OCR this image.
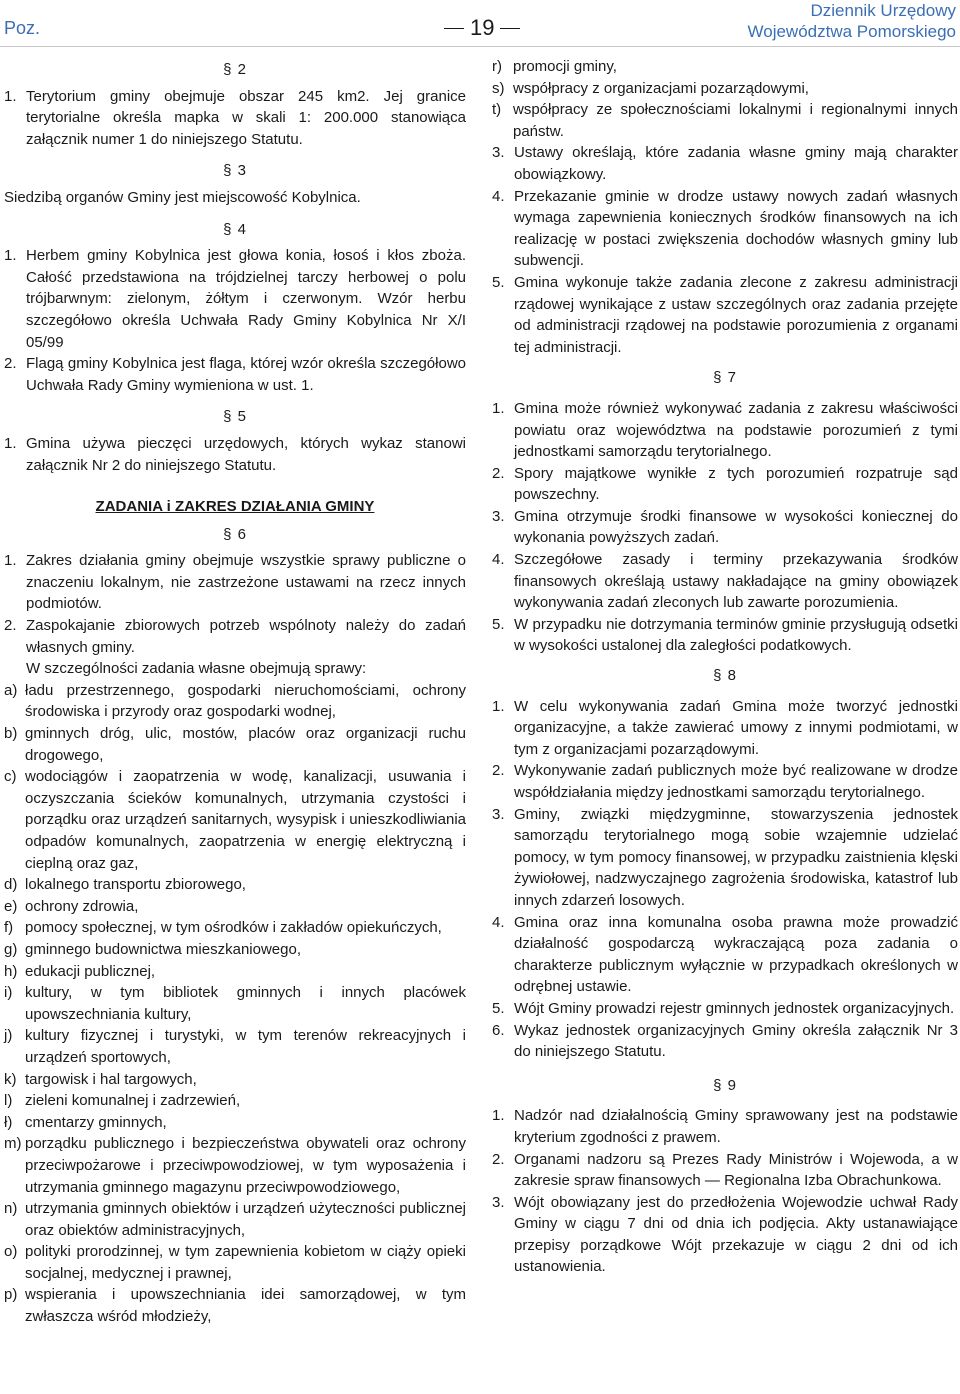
Poz.	19
Dziennik Urzędowy
Województwa Pomorskiego
§ 2
1. Terytorium gminy obejmuje obszar 245 km2. Jej granice terytorialne określa mapka w skali 1: 200.000 stanowiąca załącznik numer 1 do niniejszego Statutu.
§ 3
Siedzibą organów Gminy jest miejscowość Kobylnica.
§ 4
1. Herbem gminy Kobylnica jest głowa konia, łosoś i kłos zboża. Całość przedstawiona na trójdzielnej tarczy herbowej o polu trójbarwnym: zielonym, żółtym i czerwonym. Wzór herbu szczegółowo określa Uchwała Rady Gminy Kobylnica Nr X/I 05/99
2. Flagą gminy Kobylnica jest flaga, której wzór określa szczegółowo Uchwała Rady Gminy wymieniona w ust. 1.
§ 5
1. Gmina używa pieczęci urzędowych, których wykaz stanowi załącznik Nr 2 do niniejszego Statutu.
ZADANIA i ZAKRES DZIAŁANIA GMINY
§ 6
1. Zakres działania gminy obejmuje wszystkie sprawy publiczne o znaczeniu lokalnym, nie zastrzeżone ustawami na rzecz innych podmiotów.
2. Zaspokajanie zbiorowych potrzeb wspólnoty należy do zadań własnych gminy.
W szczególności zadania własne obejmują sprawy:
a) ładu przestrzennego, gospodarki nieruchomościami, ochrony środowiska i przyrody oraz gospodarki wodnej,
b) gminnych dróg, ulic, mostów, placów oraz organizacji ruchu drogowego,
c) wodociągów i zaopatrzenia w wodę, kanalizacji, usuwania i oczyszczania ścieków komunalnych, utrzymania czystości i porządku oraz urządzeń sanitarnych, wysypisk i unieszkodliwiania odpadów komunalnych, zaopatrzenia w energię elektryczną i cieplną oraz gaz,
d) lokalnego transportu zbiorowego,
e) ochrony zdrowia,
f) pomocy społecznej, w tym ośrodków i zakładów opiekuńczych,
g) gminnego budownictwa mieszkaniowego,
h) edukacji publicznej,
i) kultury, w tym bibliotek gminnych i innych placówek upowszechniania kultury,
j) kultury fizycznej i turystyki, w tym terenów rekreacyjnych i urządzeń sportowych,
k) targowisk i hal targowych,
l) zieleni komunalnej i zadrzewień,
ł) cmentarzy gminnych,
m) porządku publicznego i bezpieczeństwa obywateli oraz ochrony przeciwpożarowe i przeciwpowodziowej, w tym wyposażenia i utrzymania gminnego magazynu przeciwpowodziowego,
n) utrzymania gminnych obiektów i urządzeń użyteczności publicznej oraz obiektów administracyjnych,
o) polityki prorodzinnej, w tym zapewnienia kobietom w ciąży opieki socjalnej, medycznej i prawnej,
p) wspierania i upowszechniania idei samorządowej, w tym zwłaszcza wśród młodzieży,
r) promocji gminy,
s) współpracy z organizacjami pozarządowymi,
t) współpracy ze społecznościami lokalnymi i regionalnymi innych państw.
3. Ustawy określają, które zadania własne gminy mają charakter obowiązkowy.
4. Przekazanie gminie w drodze ustawy nowych zadań własnych wymaga zapewnienia koniecznych środków finansowych na ich realizację w postaci zwiększenia dochodów własnych gminy lub subwencji.
5. Gmina wykonuje także zadania zlecone z zakresu administracji rządowej wynikające z ustaw szczególnych oraz zadania przejęte od administracji rządowej na podstawie porozumienia z organami tej administracji.
§ 7
1. Gmina może również wykonywać zadania z zakresu właściwości powiatu oraz województwa na podstawie porozumień z tymi jednostkami samorządu terytorialnego.
2. Spory majątkowe wynikłe z tych porozumień rozpatruje sąd powszechny.
3. Gmina otrzymuje środki finansowe w wysokości koniecznej do wykonania powyższych zadań.
4. Szczegółowe zasady i terminy przekazywania środków finansowych określają ustawy nakładające na gminy obowiązek wykonywania zadań zleconych lub zawarte porozumienia.
5. W przypadku nie dotrzymania terminów gminie przysługują odsetki w wysokości ustalonej dla zaległości podatkowych.
§ 8
1. W celu wykonywania zadań Gmina może tworzyć jednostki organizacyjne, a także zawierać umowy z innymi podmiotami, w tym z organizacjami pozarządowymi.
2. Wykonywanie zadań publicznych może być realizowane w drodze współdziałania między jednostkami samorządu terytorialnego.
3. Gminy, związki międzygminne, stowarzyszenia jednostek samorządu terytorialnego mogą sobie wzajemnie udzielać pomocy, w tym pomocy finansowej, w przypadku zaistnienia klęski żywiołowej, nadzwyczajnego zagrożenia środowiska, katastrof lub innych zdarzeń losowych.
4. Gmina oraz inna komunalna osoba prawna może prowadzić działalność gospodarczą wykraczającą poza zadania o charakterze publicznym wyłącznie w przypadkach określonych w odrębnej ustawie.
5. Wójt Gminy prowadzi rejestr gminnych jednostek organizacyjnych.
6. Wykaz jednostek organizacyjnych Gminy określa załącznik Nr 3 do niniejszego Statutu.
§ 9
1. Nadzór nad działalnością Gminy sprawowany jest na podstawie kryterium zgodności z prawem.
2. Organami nadzoru są Prezes Rady Ministrów i Wojewoda, a w zakresie spraw finansowych — Regionalna Izba Obrachunkowa.
3. Wójt obowiązany jest do przedłożenia Wojewodzie uchwał Rady Gminy w ciągu 7 dni od dnia ich podjęcia. Akty ustanawiające przepisy porządkowe Wójt przekazuje w ciągu 2 dni od ich ustanowienia.
